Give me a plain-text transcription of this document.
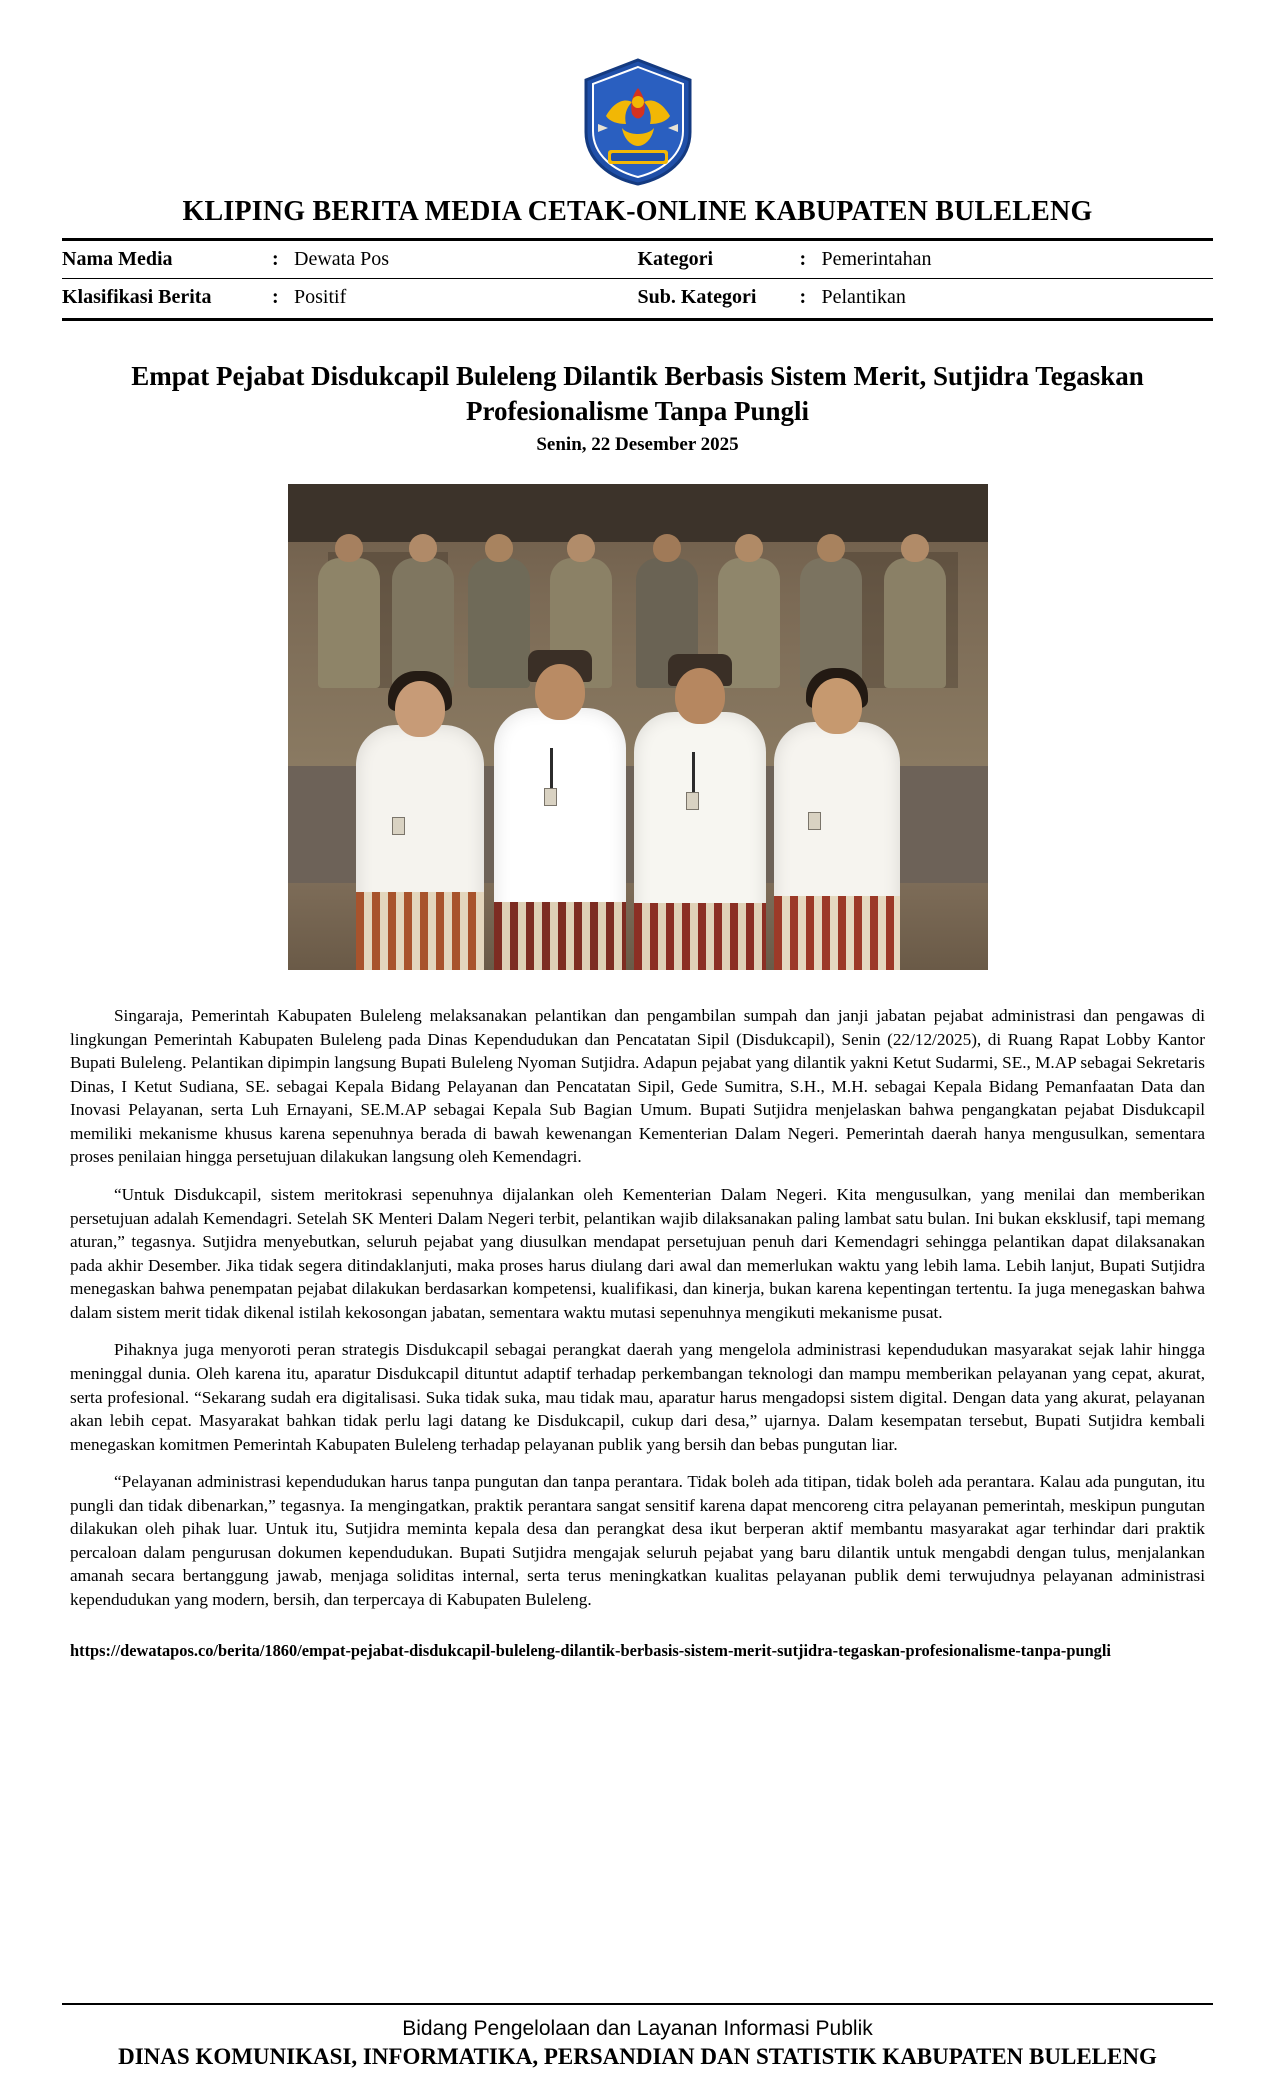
KLIPING BERITA MEDIA CETAK-ONLINE KABUPATEN BULELENG
Nama Media	: Dewata Pos	Kategori	: Pemerintahan
Klasifikasi Berita	: Positif	Sub. Kategori	: Pelantikan
Empat Pejabat Disdukcapil Buleleng Dilantik Berbasis Sistem Merit, Sutjidra Tegaskan Profesionalisme Tanpa Pungli
Senin, 22 Desember 2025

Singaraja, Pemerintah Kabupaten Buleleng melaksanakan pelantikan dan pengambilan sumpah dan janji jabatan pejabat administrasi dan pengawas di lingkungan Pemerintah Kabupaten Buleleng pada Dinas Kependudukan dan Pencatatan Sipil (Disdukcapil), Senin (22/12/2025), di Ruang Rapat Lobby Kantor Bupati Buleleng. Pelantikan dipimpin langsung Bupati Buleleng Nyoman Sutjidra. Adapun pejabat yang dilantik yakni Ketut Sudarmi, SE., M.AP sebagai Sekretaris Dinas, I Ketut Sudiana, SE. sebagai Kepala Bidang Pelayanan dan Pencatatan Sipil, Gede Sumitra, S.H., M.H. sebagai Kepala Bidang Pemanfaatan Data dan Inovasi Pelayanan, serta Luh Ernayani, SE.M.AP sebagai Kepala Sub Bagian Umum. Bupati Sutjidra menjelaskan bahwa pengangkatan pejabat Disdukcapil memiliki mekanisme khusus karena sepenuhnya berada di bawah kewenangan Kementerian Dalam Negeri. Pemerintah daerah hanya mengusulkan, sementara proses penilaian hingga persetujuan dilakukan langsung oleh Kemendagri.

“Untuk Disdukcapil, sistem meritokrasi sepenuhnya dijalankan oleh Kementerian Dalam Negeri. Kita mengusulkan, yang menilai dan memberikan persetujuan adalah Kemendagri. Setelah SK Menteri Dalam Negeri terbit, pelantikan wajib dilaksanakan paling lambat satu bulan. Ini bukan eksklusif, tapi memang aturan,” tegasnya. Sutjidra menyebutkan, seluruh pejabat yang diusulkan mendapat persetujuan penuh dari Kemendagri sehingga pelantikan dapat dilaksanakan pada akhir Desember. Jika tidak segera ditindaklanjuti, maka proses harus diulang dari awal dan memerlukan waktu yang lebih lama. Lebih lanjut, Bupati Sutjidra menegaskan bahwa penempatan pejabat dilakukan berdasarkan kompetensi, kualifikasi, dan kinerja, bukan karena kepentingan tertentu. Ia juga menegaskan bahwa dalam sistem merit tidak dikenal istilah kekosongan jabatan, sementara waktu mutasi sepenuhnya mengikuti mekanisme pusat.

Pihaknya juga menyoroti peran strategis Disdukcapil sebagai perangkat daerah yang mengelola administrasi kependudukan masyarakat sejak lahir hingga meninggal dunia. Oleh karena itu, aparatur Disdukcapil dituntut adaptif terhadap perkembangan teknologi dan mampu memberikan pelayanan yang cepat, akurat, serta profesional. “Sekarang sudah era digitalisasi. Suka tidak suka, mau tidak mau, aparatur harus mengadopsi sistem digital. Dengan data yang akurat, pelayanan akan lebih cepat. Masyarakat bahkan tidak perlu lagi datang ke Disdukcapil, cukup dari desa,” ujarnya. Dalam kesempatan tersebut, Bupati Sutjidra kembali menegaskan komitmen Pemerintah Kabupaten Buleleng terhadap pelayanan publik yang bersih dan bebas pungutan liar.

“Pelayanan administrasi kependudukan harus tanpa pungutan dan tanpa perantara. Tidak boleh ada titipan, tidak boleh ada perantara. Kalau ada pungutan, itu pungli dan tidak dibenarkan,” tegasnya. Ia mengingatkan, praktik perantara sangat sensitif karena dapat mencoreng citra pelayanan pemerintah, meskipun pungutan dilakukan oleh pihak luar. Untuk itu, Sutjidra meminta kepala desa dan perangkat desa ikut berperan aktif membantu masyarakat agar terhindar dari praktik percaloan dalam pengurusan dokumen kependudukan. Bupati Sutjidra mengajak seluruh pejabat yang baru dilantik untuk mengabdi dengan tulus, menjalankan amanah secara bertanggung jawab, menjaga soliditas internal, serta terus meningkatkan kualitas pelayanan publik demi terwujudnya pelayanan administrasi kependudukan yang modern, bersih, dan terpercaya di Kabupaten Buleleng.

https://dewatapos.co/berita/1860/empat-pejabat-disdukcapil-buleleng-dilantik-berbasis-sistem-merit-sutjidra-tegaskan-profesionalisme-tanpa-pungli
Bidang Pengelolaan dan Layanan Informasi Publik
DINAS KOMUNIKASI, INFORMATIKA, PERSANDIAN DAN STATISTIK KABUPATEN BULELENG
